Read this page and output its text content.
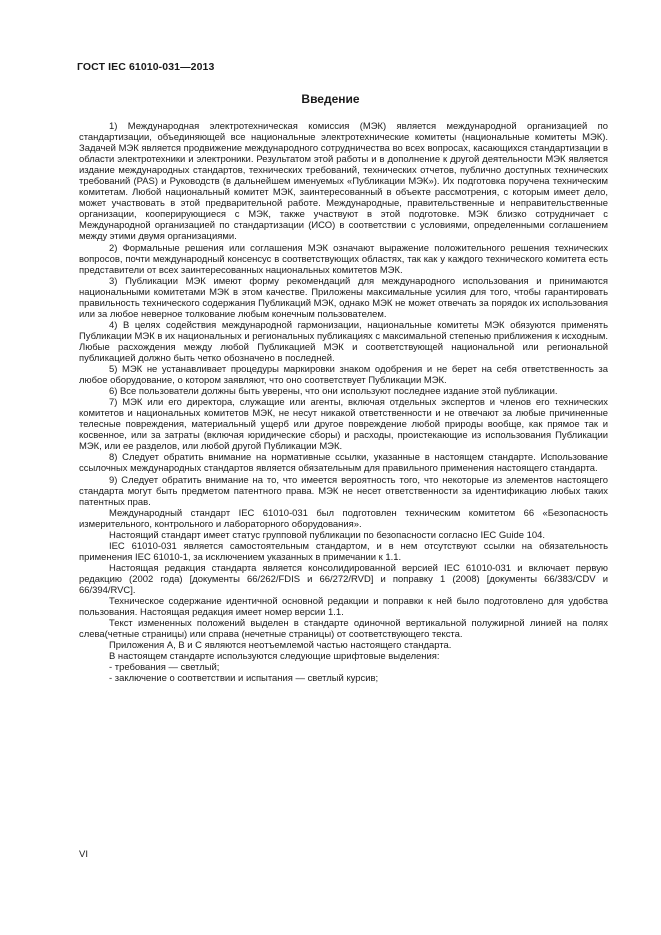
ГОСТ IEC 61010-031—2013
Введение

1) Международная электротехническая комиссия (МЭК) является международной организацией по стандартизации, объединяющей все национальные электротехнические комитеты (национальные комитеты МЭК). Задачей МЭК является продвижение международного сотрудничества во всех вопросах, касающихся стандартизации в области электротехники и электроники. Результатом этой работы и в дополнение к другой деятельности МЭК является издание международных стандартов, технических требований, технических отчетов, публично доступных технических требований (PAS) и Руководств (в дальнейшем именуемых «Публикации МЭК»). Их подготовка поручена техническим комитетам. Любой национальный комитет МЭК, заинтересованный в объекте рассмотрения, с которым имеет дело, может участвовать в этой предварительной работе. Международные, правительственные и неправительственные организации, кооперирующиеся с МЭК, также участвуют в этой подготовке. МЭК близко сотрудничает с Международной организацией по стандартизации (ИСО) в соответствии с условиями, определенными соглашением между этими двумя организациями.

2) Формальные решения или соглашения МЭК означают выражение положительного решения технических вопросов, почти международный консенсус в соответствующих областях, так как у каждого технического комитета есть представители от всех заинтересованных национальных комитетов МЭК.

3) Публикации МЭК имеют форму рекомендаций для международного использования и принимаются национальными комитетами МЭК в этом качестве. Приложены максимальные усилия для того, чтобы гарантировать правильность технического содержания Публикаций МЭК, однако МЭК не может отвечать за порядок их использования или за любое неверное толкование любым конечным пользователем.

4) В целях содействия международной гармонизации, национальные комитеты МЭК обязуются применять Публикации МЭК в их национальных и региональных публикациях с максимальной степенью приближения к исходным. Любые расхождения между любой Публикацией МЭК и соответствующей национальной или региональной публикацией должно быть четко обозначено в последней.

5) МЭК не устанавливает процедуры маркировки знаком одобрения и не берет на себя ответственность за любое оборудование, о котором заявляют, что оно соответствует Публикации МЭК.

6) Все пользователи должны быть уверены, что они используют последнее издание этой публикации.

7) МЭК или его директора, служащие или агенты, включая отдельных экспертов и членов его технических комитетов и национальных комитетов МЭК, не несут никакой ответственности и не отвечают за любые причиненные телесные повреждения, материальный ущерб или другое повреждение любой природы вообще, как прямое так и косвенное, или за затраты (включая юридические сборы) и расходы, проистекающие из использования Публикации МЭК, или ее разделов, или любой другой Публикации МЭК.

8) Следует обратить внимание на нормативные ссылки, указанные в настоящем стандарте. Использование ссылочных международных стандартов является обязательным для правильного применения настоящего стандарта.

9) Следует обратить внимание на то, что имеется вероятность того, что некоторые из элементов настоящего стандарта могут быть предметом патентного права. МЭК не несет ответственности за идентификацию любых таких патентных прав.

Международный стандарт IEC 61010-031 был подготовлен техническим комитетом 66 «Безопасность измерительного, контрольного и лабораторного оборудования».

Настоящий стандарт имеет статус групповой публикации по безопасности согласно IEC Guide 104.

IEC 61010-031 является самостоятельным стандартом, и в нем отсутствуют ссылки на обязательность применения IEC 61010-1, за исключением указанных в примечании к 1.1.

Настоящая редакция стандарта является консолидированной версией IEC 61010-031 и включает первую редакцию (2002 года) [документы 66/262/FDIS и 66/272/RVD] и поправку 1 (2008) [документы 66/383/CDV и 66/394/RVC].

Техническое содержание идентичной основной редакции и поправки к ней было подготовлено для удобства пользования. Настоящая редакция имеет номер версии 1.1.

Текст измененных положений выделен в стандарте одиночной вертикальной полужирной линией на полях слева(четные страницы) или справа (нечетные страницы) от соответствующего текста.

Приложения А, В и С являются неотъемлемой частью настоящего стандарта.

В настоящем стандарте используются следующие шрифтовые выделения:

- требования — светлый;

- заключение о соответствии и испытания — светлый курсив;

VI
